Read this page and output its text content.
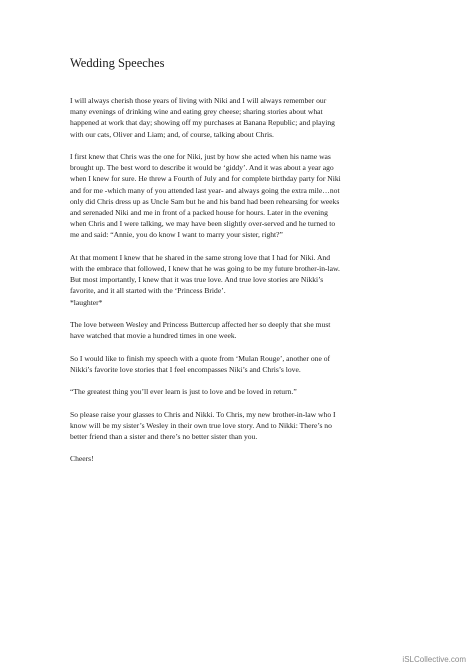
Wedding Speeches

I will always cherish those years of living with Niki and I will always remember our
many evenings of drinking wine and eating grey cheese; sharing stories about what
happened at work that day; showing off my purchases at Banana Republic; and playing
with our cats, Oliver and Liam; and, of course, talking about Chris.

I first knew that Chris was the one for Niki, just by how she acted when his name was
brought up. The best word to describe it would be ‘giddy’. And it was about a year ago
when I knew for sure. He threw a Fourth of July and for complete birthday party for Niki
and for me -which many of you attended last year- and always going the extra mile…not
only did Chris dress up as Uncle Sam but he and his band had been rehearsing for weeks
and serenaded Niki and me in front of a packed house for hours. Later in the evening
when Chris and I were talking, we may have been slightly over-served and he turned to
me and said: “Annie, you do know I want to marry your sister, right?”

At that moment I knew that he shared in the same strong love that I had for Niki. And
with the embrace that followed, I knew that he was going to be my future brother-in-law.
But most importantly, I knew that it was true love. And true love stories are Nikki’s
favorite, and it all started with the ‘Princess Bride’.
*laughter*

The love between Wesley and Princess Buttercup affected her so deeply that she must
have watched that movie a hundred times in one week.

So I would like to finish my speech with a quote from ‘Mulan Rouge’, another one of
Nikki’s favorite love stories that I feel encompasses Niki’s and Chris’s love.

“The greatest thing you’ll ever learn is just to love and be loved in return.”

So please raise your glasses to Chris and Nikki. To Chris, my new brother-in-law who I
know will be my sister’s Wesley in their own true love story. And to Nikki: There’s no
better friend than a sister and there’s no better sister than you.

Cheers!

iSLCollective.com
